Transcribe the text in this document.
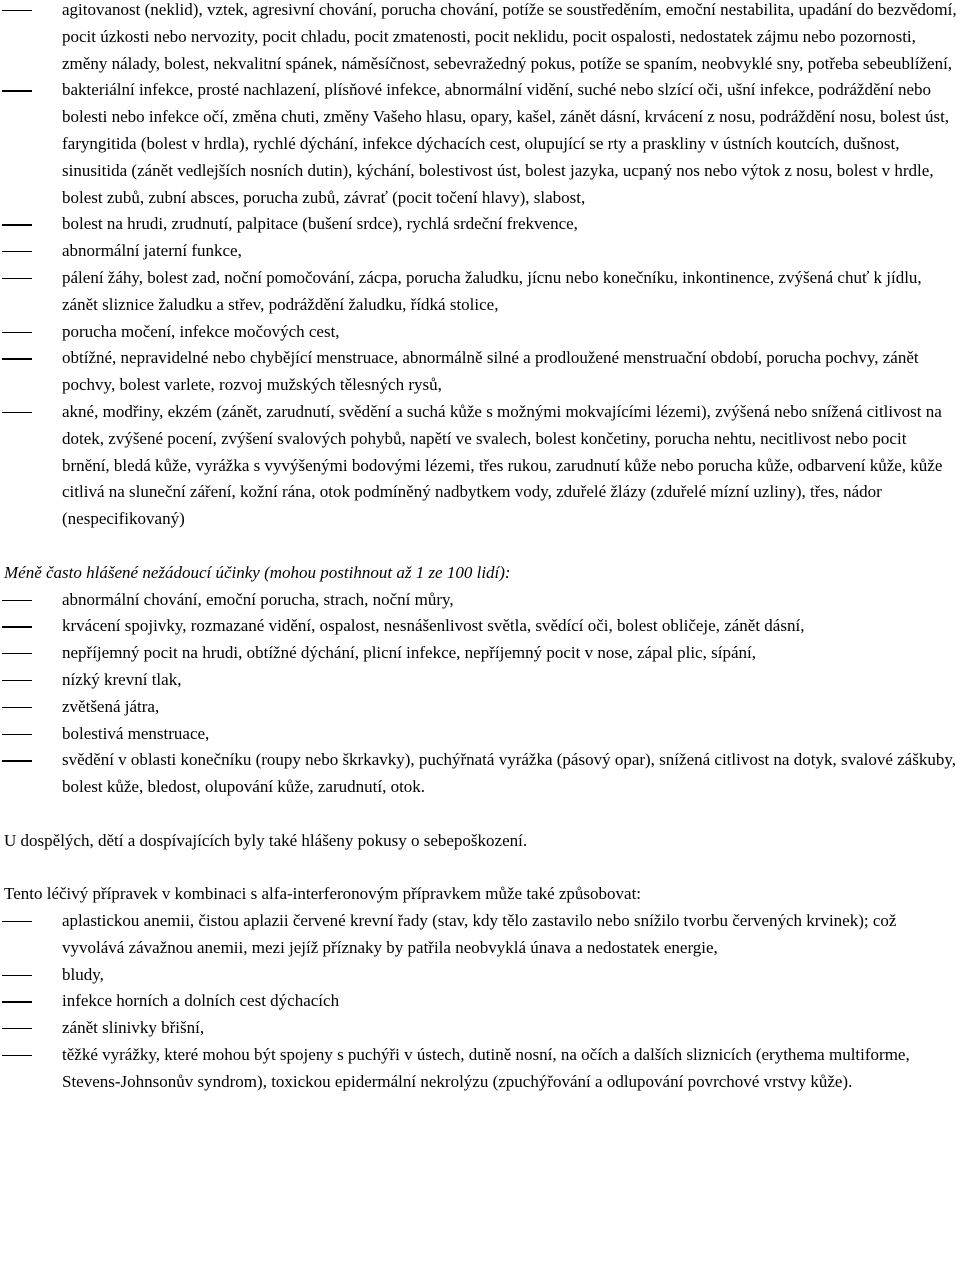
agitovanost (neklid), vztek, agresivní chování, porucha chování, potíže se soustředěním, emoční nestabilita, upadání do bezvědomí, pocit úzkosti nebo nervozity, pocit chladu, pocit zmatenosti, pocit neklidu, pocit ospalosti, nedostatek zájmu nebo pozornosti, změny nálady, bolest, nekvalitní spánek, náměsíčnost, sebevražedný pokus, potíže se spaním, neobvyklé sny, potřeba sebeublížení,
bakteriální infekce, prosté nachlazení, plísňové infekce, abnormální vidění, suché nebo slzící oči, ušní infekce, podráždění nebo bolesti nebo infekce očí, změna chuti, změny Vašeho hlasu, opary, kašel, zánět dásní, krvácení z nosu, podráždění nosu, bolest úst, faryngitida (bolest v hrdla), rychlé dýchání, infekce dýchacích cest, olupující se rty a praskliny v ústních koutcích, dušnost, sinusitida (zánět vedlejších nosních dutin), kýchání, bolestivost úst, bolest jazyka, ucpaný nos nebo výtok z nosu, bolest v hrdle, bolest zubů, zubní absces, porucha zubů, závrať (pocit točení hlavy), slabost,
bolest na hrudi, zrudnutí, palpitace (bušení srdce), rychlá srdeční frekvence,
abnormální jaterní funkce,
pálení žáhy, bolest zad, noční pomočování, zácpa, porucha žaludku, jícnu nebo konečníku, inkontinence, zvýšená chuť k jídlu, zánět sliznice žaludku a střev, podráždění žaludku, řídká stolice,
porucha močení, infekce močových cest,
obtížné, nepravidelné nebo chybějící menstruace, abnormálně silné a prodloužené menstruační období, porucha pochvy, zánět pochvy, bolest varlete, rozvoj mužských tělesných rysů,
akné, modřiny, ekzém (zánět, zarudnutí, svědění a suchá kůže s možnými mokvajícími lézemi), zvýšená nebo snížená citlivost na dotek, zvýšené pocení, zvýšení svalových pohybů, napětí ve svalech, bolest končetiny, porucha nehtu, necitlivost nebo pocit brnění, bledá kůže, vyrážka s vyvýšenými bodovými lézemi, třes rukou, zarudnutí kůže nebo porucha kůže, odbarvení kůže, kůže citlivá na sluneční záření, kožní rána, otok podmíněný nadbytkem vody, zduřelé žlázy (zduřelé mízní uzliny), třes, nádor (nespecifikovaný)

Méně často hlášené nežádoucí účinky (mohou postihnout až 1 ze 100 lidí):

abnormální chování, emoční porucha, strach, noční můry,
krvácení spojivky, rozmazané vidění, ospalost, nesnášenlivost světla, svědící oči, bolest obličeje, zánět dásní,
nepříjemný pocit na hrudi, obtížné dýchání, plicní infekce, nepříjemný pocit v nose, zápal plic, sípání,
nízký krevní tlak,
zvětšená játra,
bolestivá menstruace,
svědění v oblasti konečníku (roupy nebo škrkavky), puchýřnatá vyrážka (pásový opar), snížená citlivost na dotyk, svalové záškuby, bolest kůže, bledost, olupování kůže, zarudnutí, otok.

U dospělých, dětí a dospívajících byly také hlášeny pokusy o sebepoškození.

Tento léčivý přípravek v kombinaci s alfa-interferonovým přípravkem může také způsobovat:

aplastickou anemii, čistou aplazii červené krevní řady (stav, kdy tělo zastavilo nebo snížilo tvorbu červených krvinek); což vyvolává závažnou anemii, mezi jejíž příznaky by patřila neobvyklá únava a nedostatek energie,
bludy,
infekce horních a dolních cest dýchacích
zánět slinivky břišní,
těžké vyrážky, které mohou být spojeny s puchýři v ústech, dutině nosní, na očích a dalších sliznicích (erythema multiforme, Stevens-Johnsonův syndrom), toxickou epidermální nekrolýzu (zpuchýřování a odlupování povrchové vrstvy kůže).
